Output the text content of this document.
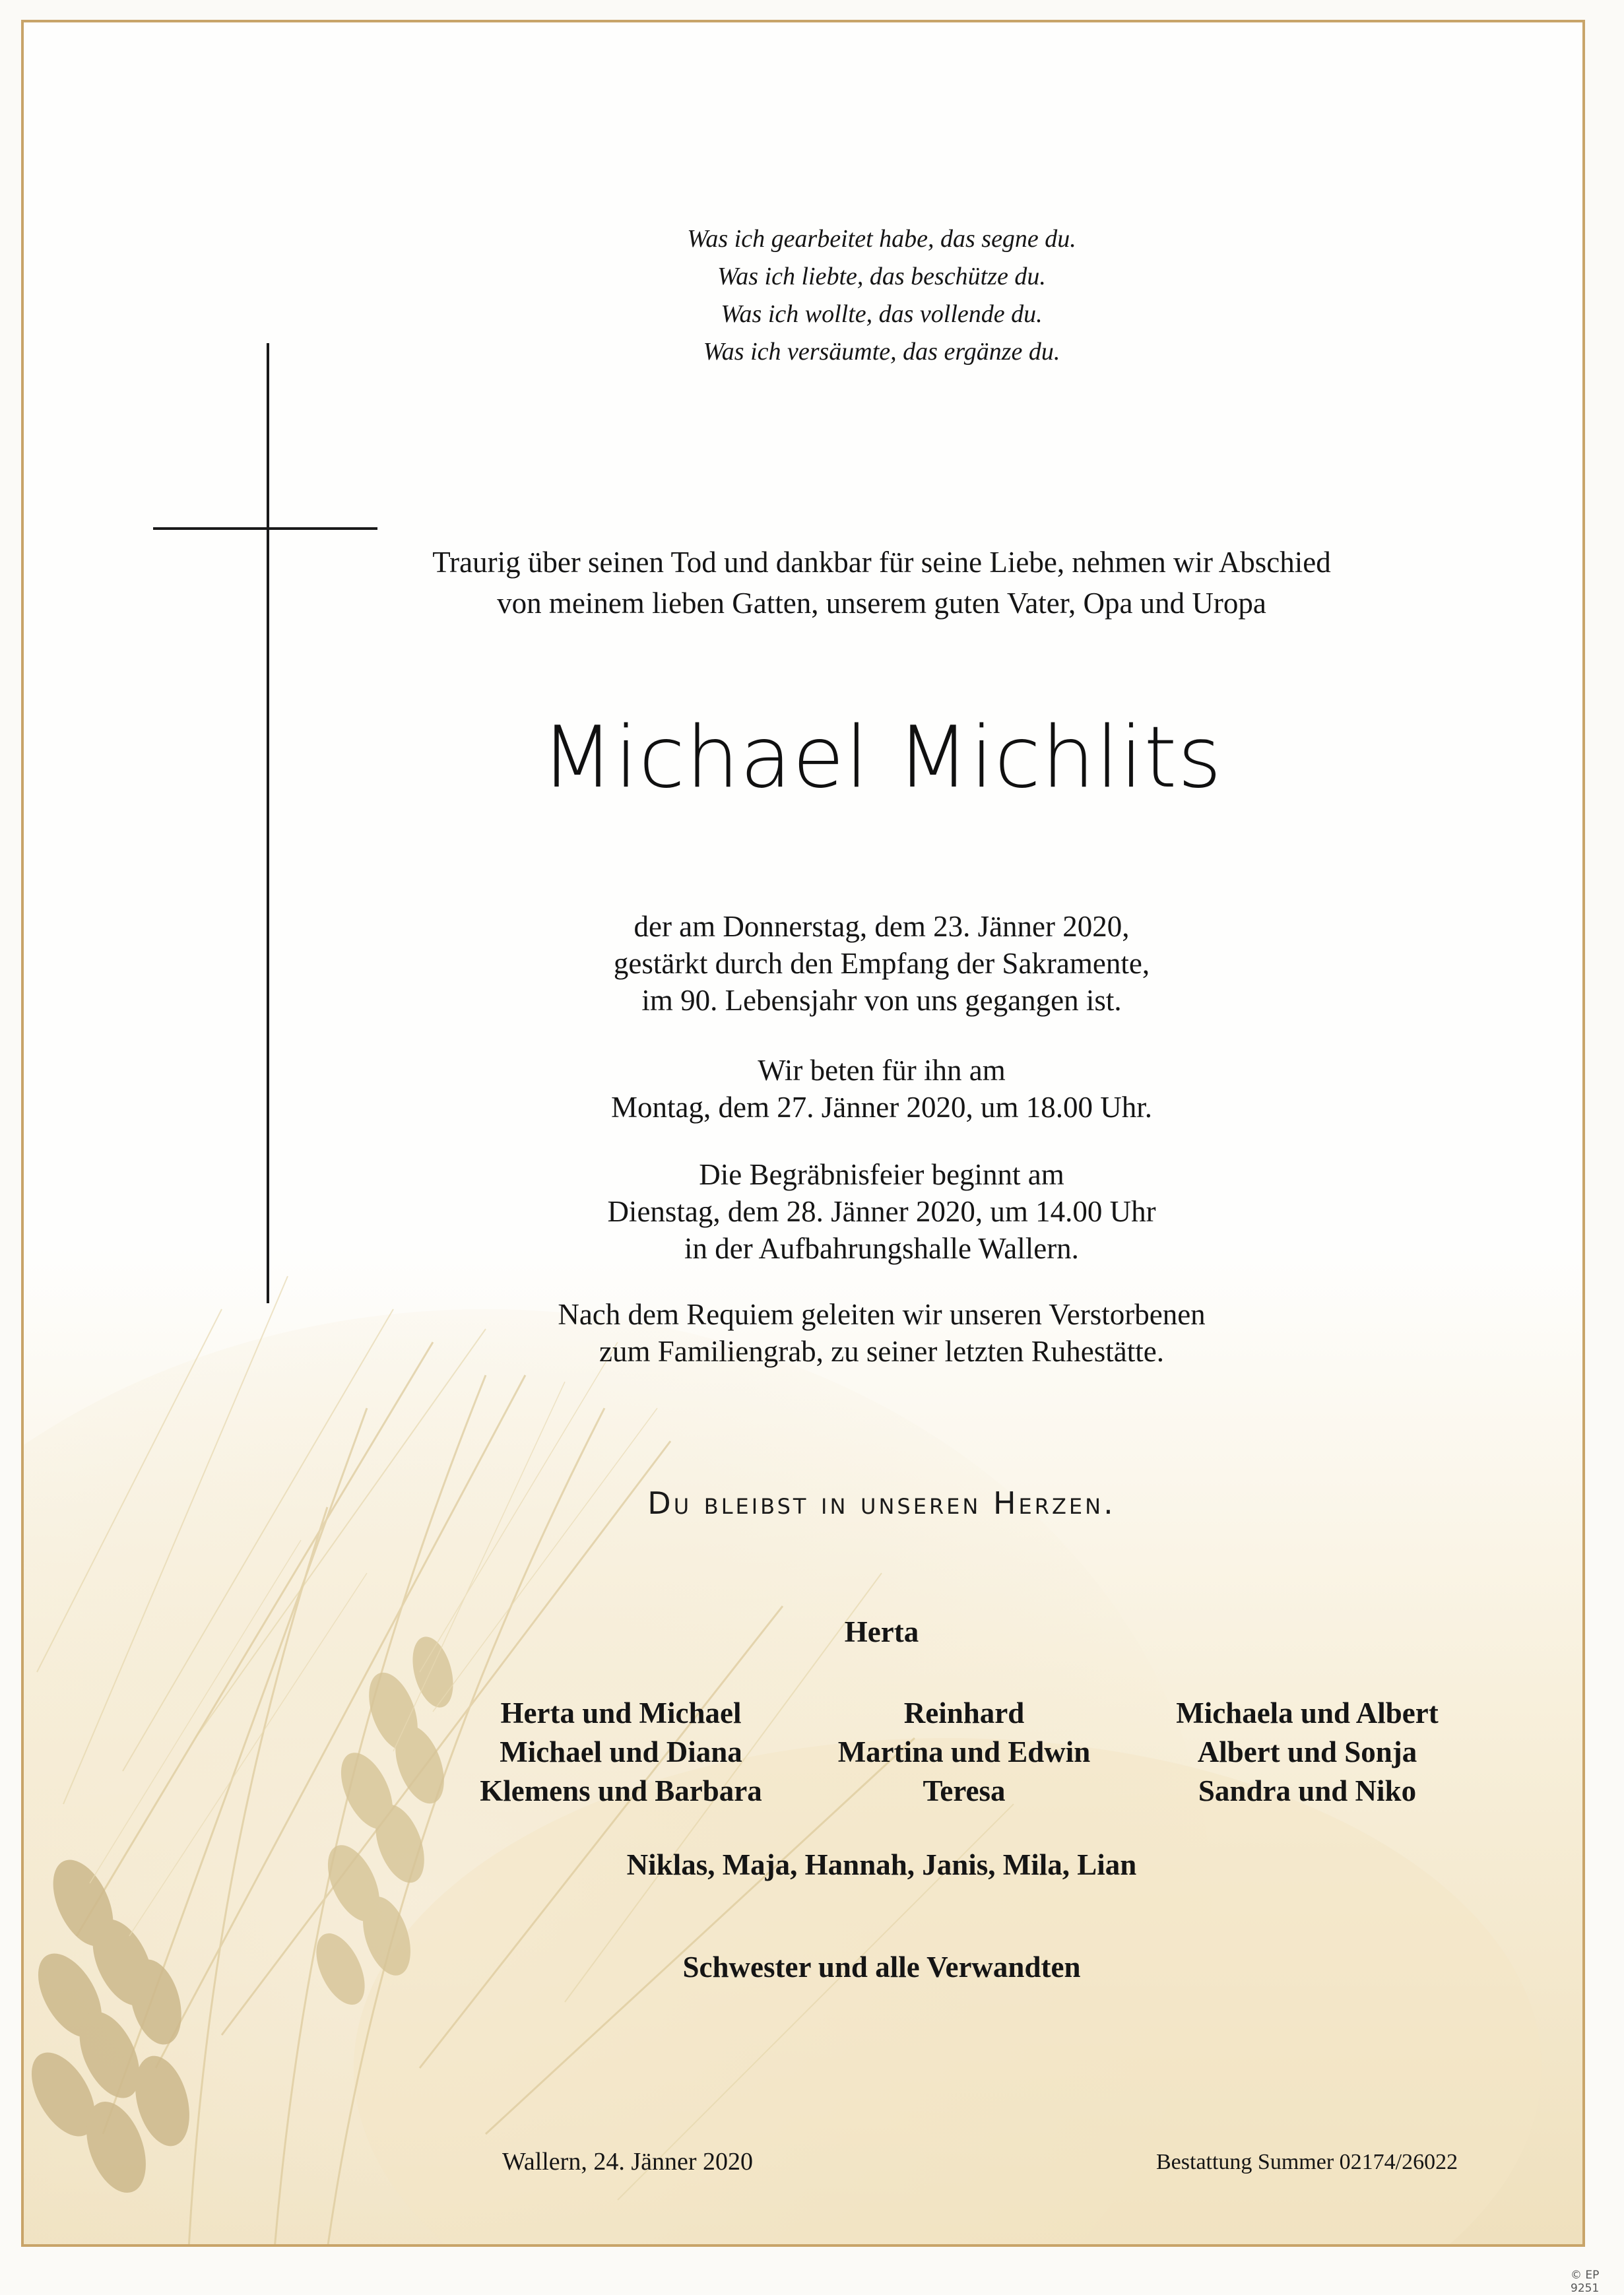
Was ich gearbeitet habe, das segne du.
Was ich liebte, das beschütze du.
Was ich wollte, das vollende du.
Was ich versäumte, das ergänze du.
Traurig über seinen Tod und dankbar für seine Liebe, nehmen wir Abschied
von meinem lieben Gatten, unserem guten Vater, Opa und Uropa
Michael Michlits
der am Donnerstag, dem 23. Jänner 2020,
gestärkt durch den Empfang der Sakramente,
im 90. Lebensjahr von uns gegangen ist.
Wir beten für ihn am
Montag, dem 27. Jänner 2020, um 18.00 Uhr.
Die Begräbnisfeier beginnt am
Dienstag, dem 28. Jänner 2020, um 14.00 Uhr
in der Aufbahrungshalle Wallern.
Nach dem Requiem geleiten wir unseren Verstorbenen
zum Familiengrab, zu seiner letzten Ruhestätte.
Du bleibst in unseren Herzen.
Herta
Herta und Michael
Michael und Diana
Klemens und Barbara
Reinhard
Martina und Edwin
Teresa
Michaela und Albert
Albert und Sonja
Sandra und Niko
Niklas, Maja, Hannah, Janis, Mila, Lian
Schwester und alle Verwandten
Wallern, 24. Jänner 2020	Bestattung Summer 02174/26022
© EP 9251
